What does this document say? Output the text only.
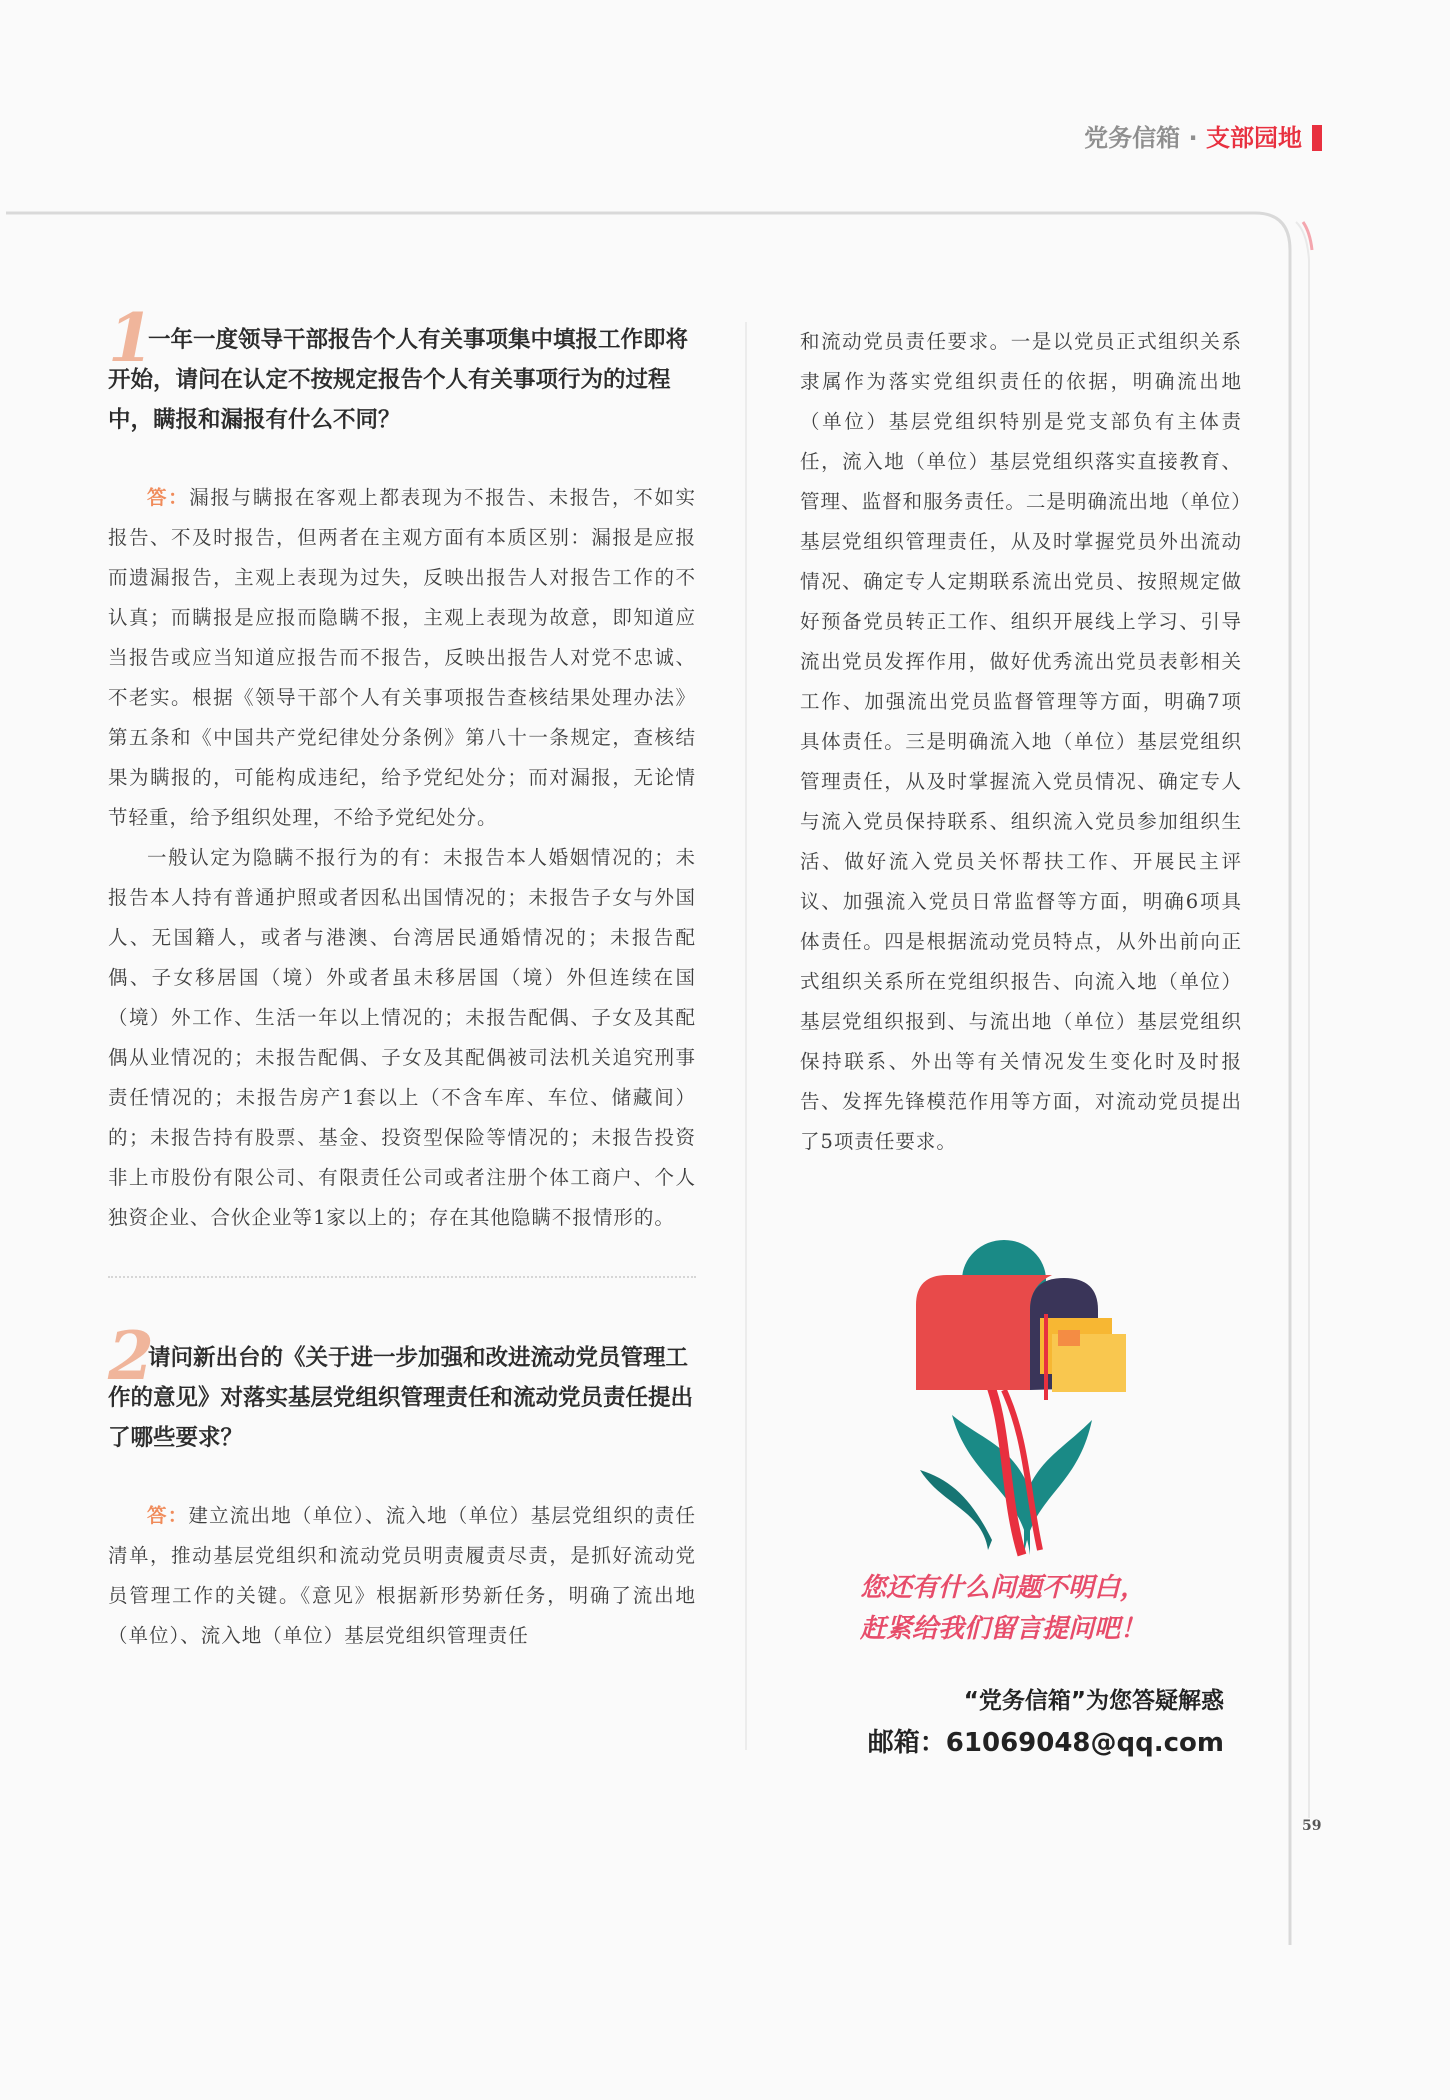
党务信箱 · 支部园地
1一年一度领导干部报告个人有关事项集中填报工作即将开始，请问在认定不按规定报告个人有关事项行为的过程中，瞒报和漏报有什么不同？

答：漏报与瞒报在客观上都表现为不报告、未报告，不如实报告、不及时报告，但两者在主观方面有本质区别：漏报是应报而遗漏报告，主观上表现为过失，反映出报告人对报告工作的不认真；而瞒报是应报而隐瞒不报，主观上表现为故意，即知道应当报告或应当知道应报告而不报告，反映出报告人对党不忠诚、不老实。根据《领导干部个人有关事项报告查核结果处理办法》第五条和《中国共产党纪律处分条例》第八十一条规定，查核结果为瞒报的，可能构成违纪，给予党纪处分；而对漏报，无论情节轻重，给予组织处理，不给予党纪处分。

一般认定为隐瞒不报行为的有：未报告本人婚姻情况的；未报告本人持有普通护照或者因私出国情况的；未报告子女与外国人、无国籍人，或者与港澳、台湾居民通婚情况的；未报告配偶、子女移居国（境）外或者虽未移居国（境）外但连续在国（境）外工作、生活一年以上情况的；未报告配偶、子女及其配偶从业情况的；未报告配偶、子女及其配偶被司法机关追究刑事责任情况的；未报告房产1套以上（不含车库、车位、储藏间）的；未报告持有股票、基金、投资型保险等情况的；未报告投资非上市股份有限公司、有限责任公司或者注册个体工商户、个人独资企业、合伙企业等1家以上的；存在其他隐瞒不报情形的。

2请问新出台的《关于进一步加强和改进流动党员管理工作的意见》对落实基层党组织管理责任和流动党员责任提出了哪些要求？

答：建立流出地（单位）、流入地（单位）基层党组织的责任清单，推动基层党组织和流动党员明责履责尽责，是抓好流动党员管理工作的关键。《意见》根据新形势新任务，明确了流出地（单位）、流入地（单位）基层党组织管理责任

和流动党员责任要求。一是以党员正式组织关系隶属作为落实党组织责任的依据，明确流出地（单位）基层党组织特别是党支部负有主体责任，流入地（单位）基层党组织落实直接教育、管理、监督和服务责任。二是明确流出地（单位）基层党组织管理责任，从及时掌握党员外出流动情况、确定专人定期联系流出党员、按照规定做好预备党员转正工作、组织开展线上学习、引导流出党员发挥作用，做好优秀流出党员表彰相关工作、加强流出党员监督管理等方面，明确7项具体责任。三是明确流入地（单位）基层党组织管理责任，从及时掌握流入党员情况、确定专人与流入党员保持联系、组织流入党员参加组织生活、做好流入党员关怀帮扶工作、开展民主评议、加强流入党员日常监督等方面，明确6项具体责任。四是根据流动党员特点，从外出前向正式组织关系所在党组织报告、向流入地（单位）基层党组织报到、与流出地（单位）基层党组织保持联系、外出等有关情况发生变化时及时报告、发挥先锋模范作用等方面，对流动党员提出了5项责任要求。

您还有什么问题不明白，
赶紧给我们留言提问吧！
“党务信箱”为您答疑解惑
邮箱：61069048@qq.com
59
